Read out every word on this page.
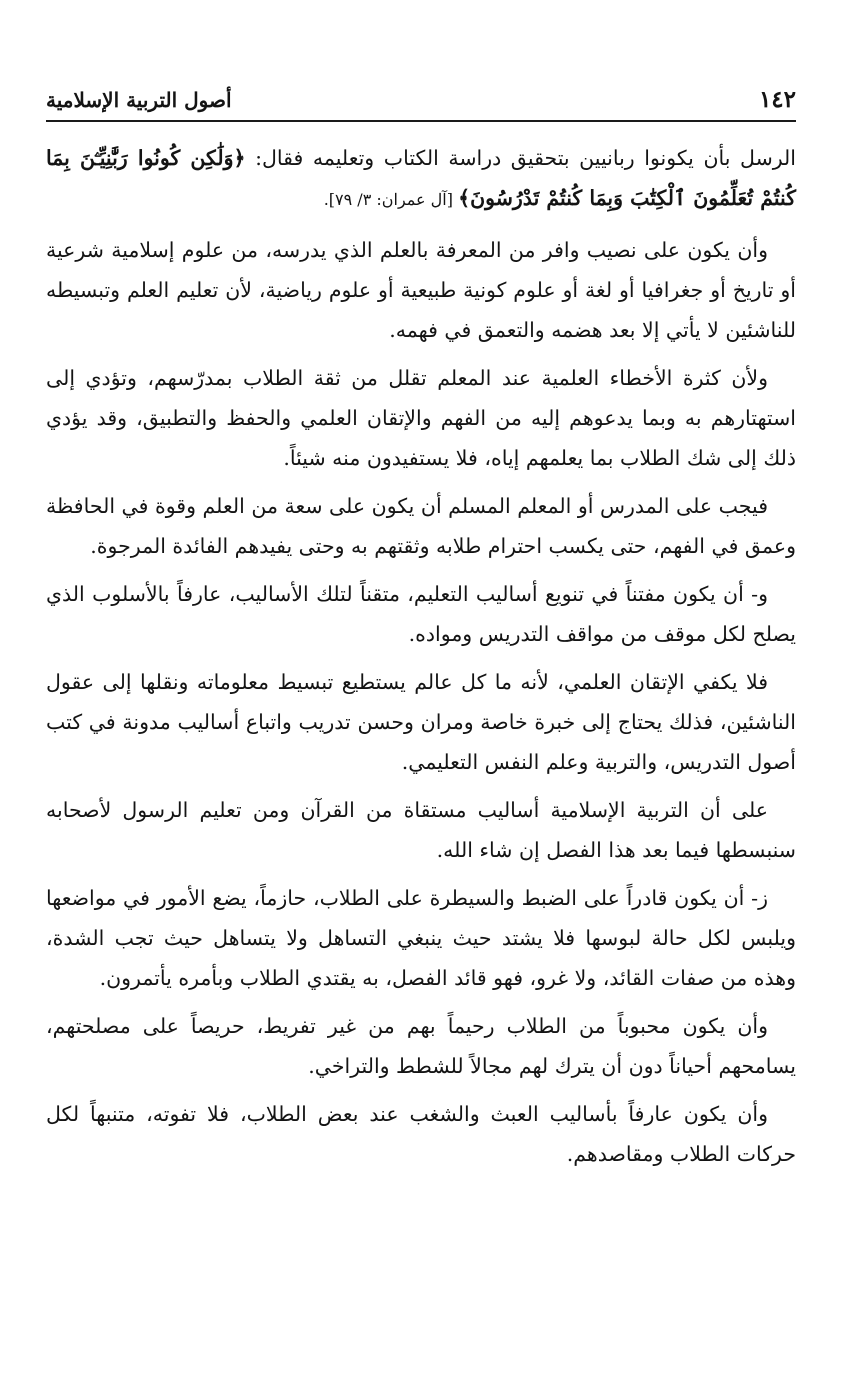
١٤٢
أصول التربية الإسلامية

الرسل بأن يكونوا ربانيين بتحقيق دراسة الكتاب وتعليمه فقال: ﴿وَلَٰكِن كُونُوا رَبَّٰنِيِّـۧنَ بِمَا كُنتُمْ تُعَلِّمُونَ ٱلْكِتَٰبَ وَبِمَا كُنتُمْ تَدْرُسُونَ﴾ [آل عمران: ٣/ ٧٩].

وأن يكون على نصيب وافر من المعرفة بالعلم الذي يدرسه، من علوم إسلامية شرعية أو تاريخ أو جغرافيا أو لغة أو علوم كونية طبيعية أو علوم رياضية، لأن تعليم العلم وتبسيطه للناشئين لا يأتي إلا بعد هضمه والتعمق في فهمه.

ولأن كثرة الأخطاء العلمية عند المعلم تقلل من ثقة الطلاب بمدرّسهم، وتؤدي إلى استهتارهم به وبما يدعوهم إليه من الفهم والإتقان العلمي والحفظ والتطبيق، وقد يؤدي ذلك إلى شك الطلاب بما يعلمهم إياه، فلا يستفيدون منه شيئاً.

فيجب على المدرس أو المعلم المسلم أن يكون على سعة من العلم وقوة في الحافظة وعمق في الفهم، حتى يكسب احترام طلابه وثقتهم به وحتى يفيدهم الفائدة المرجوة.

و- أن يكون مفتناً في تنويع أساليب التعليم، متقناً لتلك الأساليب، عارفاً بالأسلوب الذي يصلح لكل موقف من مواقف التدريس ومواده.

فلا يكفي الإتقان العلمي، لأنه ما كل عالم يستطيع تبسيط معلوماته ونقلها إلى عقول الناشئين، فذلك يحتاج إلى خبرة خاصة ومران وحسن تدريب واتباع أساليب مدونة في كتب أصول التدريس، والتربية وعلم النفس التعليمي.

على أن التربية الإسلامية أساليب مستقاة من القرآن ومن تعليم الرسول لأصحابه سنبسطها فيما بعد هذا الفصل إن شاء الله.

ز- أن يكون قادراً على الضبط والسيطرة على الطلاب، حازماً، يضع الأمور في مواضعها ويلبس لكل حالة لبوسها فلا يشتد حيث ينبغي التساهل ولا يتساهل حيث تجب الشدة، وهذه من صفات القائد، ولا غرو، فهو قائد الفصل، به يقتدي الطلاب وبأمره يأتمرون.

وأن يكون محبوباً من الطلاب رحيماً بهم من غير تفريط، حريصاً على مصلحتهم، يسامحهم أحياناً دون أن يترك لهم مجالاً للشطط والتراخي.

وأن يكون عارفاً بأساليب العبث والشغب عند بعض الطلاب، فلا تفوته، متنبهاً لكل حركات الطلاب ومقاصدهم.
